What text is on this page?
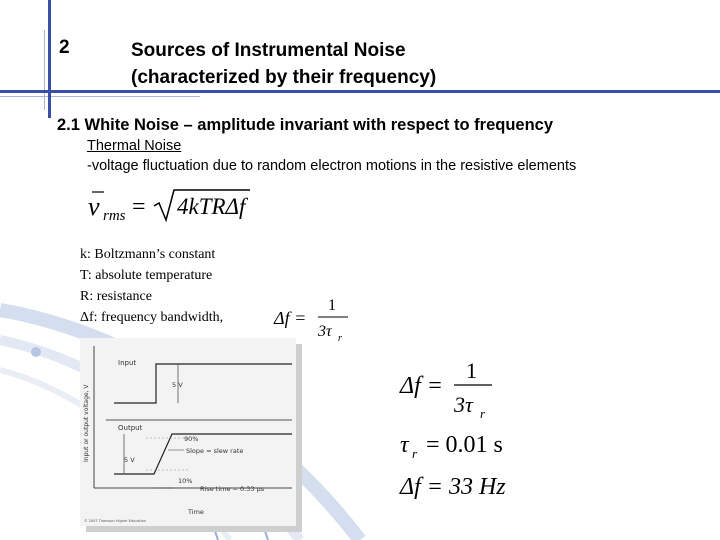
2	Sources of Instrumental Noise
(characterized by their frequency)
2.1 White Noise – amplitude invariant with respect to frequency
Thermal Noise
-voltage fluctuation due to random electron motions in the resistive elements
v rms = 4kTRΔf
k: Boltzmann’s constant
T: absolute temperature
R: resistance
Δf: frequency bandwidth,	Δf =
1
3τ r
Input
5 V
Output
5 V
90%
10%
Slope = slew rate
Rise time = 0.33 µs
Input or output voltage, V
Time
© 2007 Thomson Higher Education
Δf =
1
3τ r
τ r = 0.01 s
Δf = 33 Hz
